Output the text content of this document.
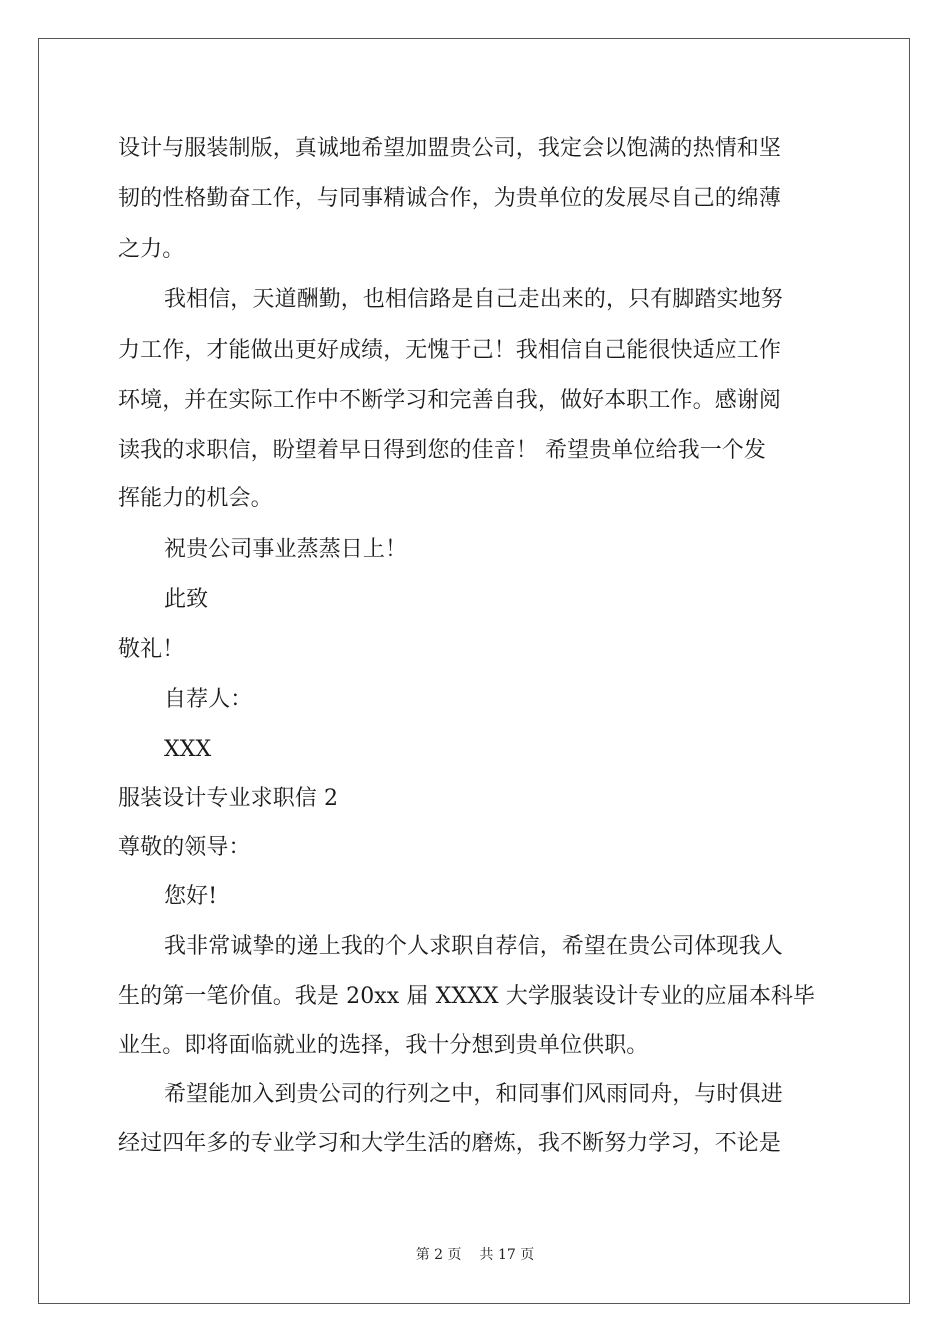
设计与服装制版，真诚地希望加盟贵公司，我定会以饱满的热情和坚
韧的性格勤奋工作，与同事精诚合作，为贵单位的发展尽自己的绵薄
之力。
我相信，天道酬勤，也相信路是自己走出来的，只有脚踏实地努
力工作，才能做出更好成绩，无愧于己！我相信自己能很快适应工作
环境，并在实际工作中不断学习和完善自我，做好本职工作。感谢阅
读我的求职信，盼望着早日得到您的佳音！ 希望贵单位给我一个发
挥能力的机会。
祝贵公司事业蒸蒸日上！
此致
敬礼！
自荐人：
XXX
服装设计专业求职信 2
尊敬的领导：
您好!
我非常诚挚的递上我的个人求职自荐信，希望在贵公司体现我人
生的第一笔价值。我是 20xx 届 XXXX 大学服装设计专业的应届本科毕
业生。即将面临就业的选择，我十分想到贵单位供职。
希望能加入到贵公司的行列之中，和同事们风雨同舟，与时俱进
经过四年多的专业学习和大学生活的磨炼，我不断努力学习，不论是
第 2 页 共 17 页
